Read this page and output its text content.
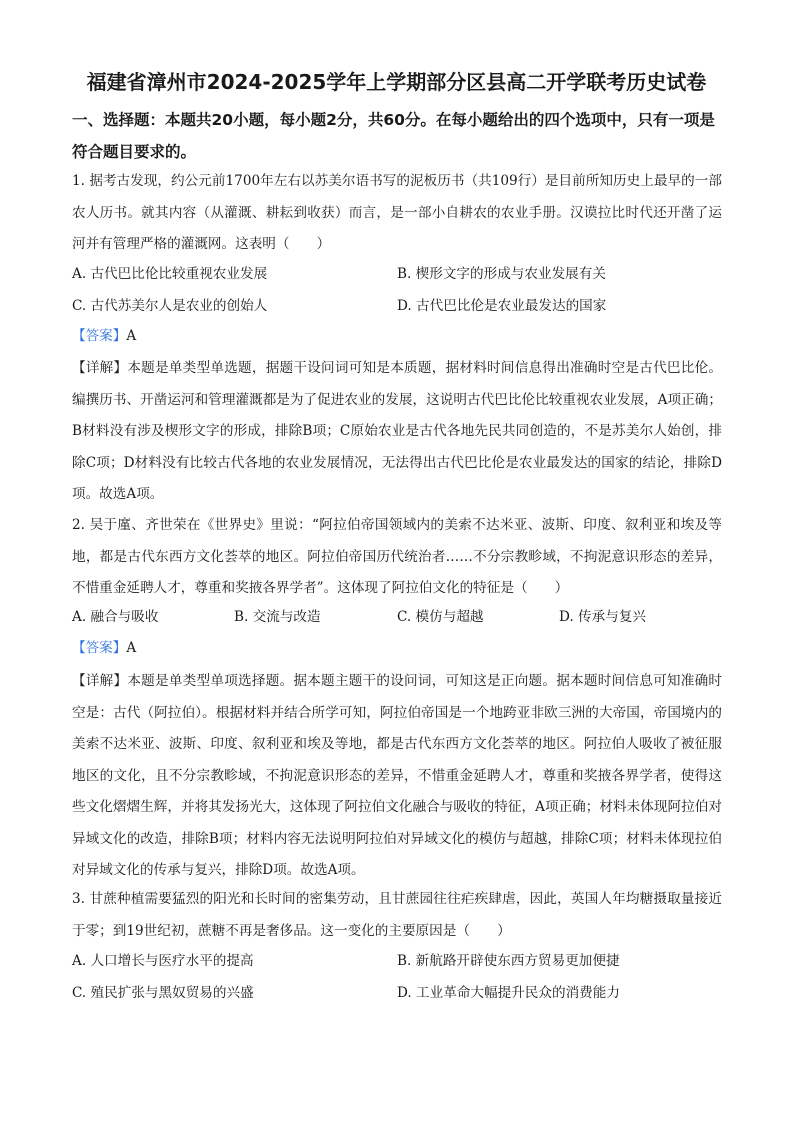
福建省漳州市2024-2025学年上学期部分区县高二开学联考历史试卷
一、选择题：本题共20小题，每小题2分，共60分。在每小题给出的四个选项中，只有一项是符合题目要求的。
1. 据考古发现，约公元前1700年左右以苏美尔语书写的泥板历书（共109行）是目前所知历史上最早的一部农人历书。就其内容（从灌溉、耕耘到收获）而言，是一部小自耕农的农业手册。汉谟拉比时代还开凿了运河并有管理严格的灌溉网。这表明（　　）
A. 古代巴比伦比较重视农业发展	B. 楔形文字的形成与农业发展有关
C. 古代苏美尔人是农业的创始人	D. 古代巴比伦是农业最发达的国家
【答案】A
【详解】本题是单类型单选题，据题干设问词可知是本质题，据材料时间信息得出准确时空是古代巴比伦。编撰历书、开凿运河和管理灌溉都是为了促进农业的发展，这说明古代巴比伦比较重视农业发展，A项正确；B材料没有涉及楔形文字的形成，排除B项；C原始农业是古代各地先民共同创造的，不是苏美尔人始创，排除C项；D材料没有比较古代各地的农业发展情况，无法得出古代巴比伦是农业最发达的国家的结论，排除D项。故选A项。
2. 吴于廑、齐世荣在《世界史》里说：“阿拉伯帝国领域内的美索不达米亚、波斯、印度、叙利亚和埃及等地，都是古代东西方文化荟萃的地区。阿拉伯帝国历代统治者……不分宗教畛域，不拘泥意识形态的差异，不惜重金延聘人才，尊重和奖掖各界学者”。这体现了阿拉伯文化的特征是（　　）
A. 融合与吸收	B. 交流与改造	C. 模仿与超越	D. 传承与复兴
【答案】A
【详解】本题是单类型单项选择题。据本题主题干的设问词，可知这是正向题。据本题时间信息可知准确时空是：古代（阿拉伯）。根据材料并结合所学可知，阿拉伯帝国是一个地跨亚非欧三洲的大帝国，帝国境内的美索不达米亚、波斯、印度、叙利亚和埃及等地，都是古代东西方文化荟萃的地区。阿拉伯人吸收了被征服地区的文化，且不分宗教畛域，不拘泥意识形态的差异，不惜重金延聘人才，尊重和奖掖各界学者，使得这些文化熠熠生辉，并将其发扬光大，这体现了阿拉伯文化融合与吸收的特征，A项正确；材料未体现阿拉伯对异域文化的改造，排除B项；材料内容无法说明阿拉伯对异域文化的模仿与超越，排除C项；材料未体现拉伯对异域文化的传承与复兴，排除D项。故选A项。
3. 甘蔗种植需要猛烈的阳光和长时间的密集劳动，且甘蔗园往往疟疾肆虐，因此，英国人年均糖摄取量接近于零；到19世纪初，蔗糖不再是奢侈品。这一变化的主要原因是（　　）
A. 人口增长与医疗水平的提高	B. 新航路开辟使东西方贸易更加便捷
C. 殖民扩张与黑奴贸易的兴盛	D. 工业革命大幅提升民众的消费能力
